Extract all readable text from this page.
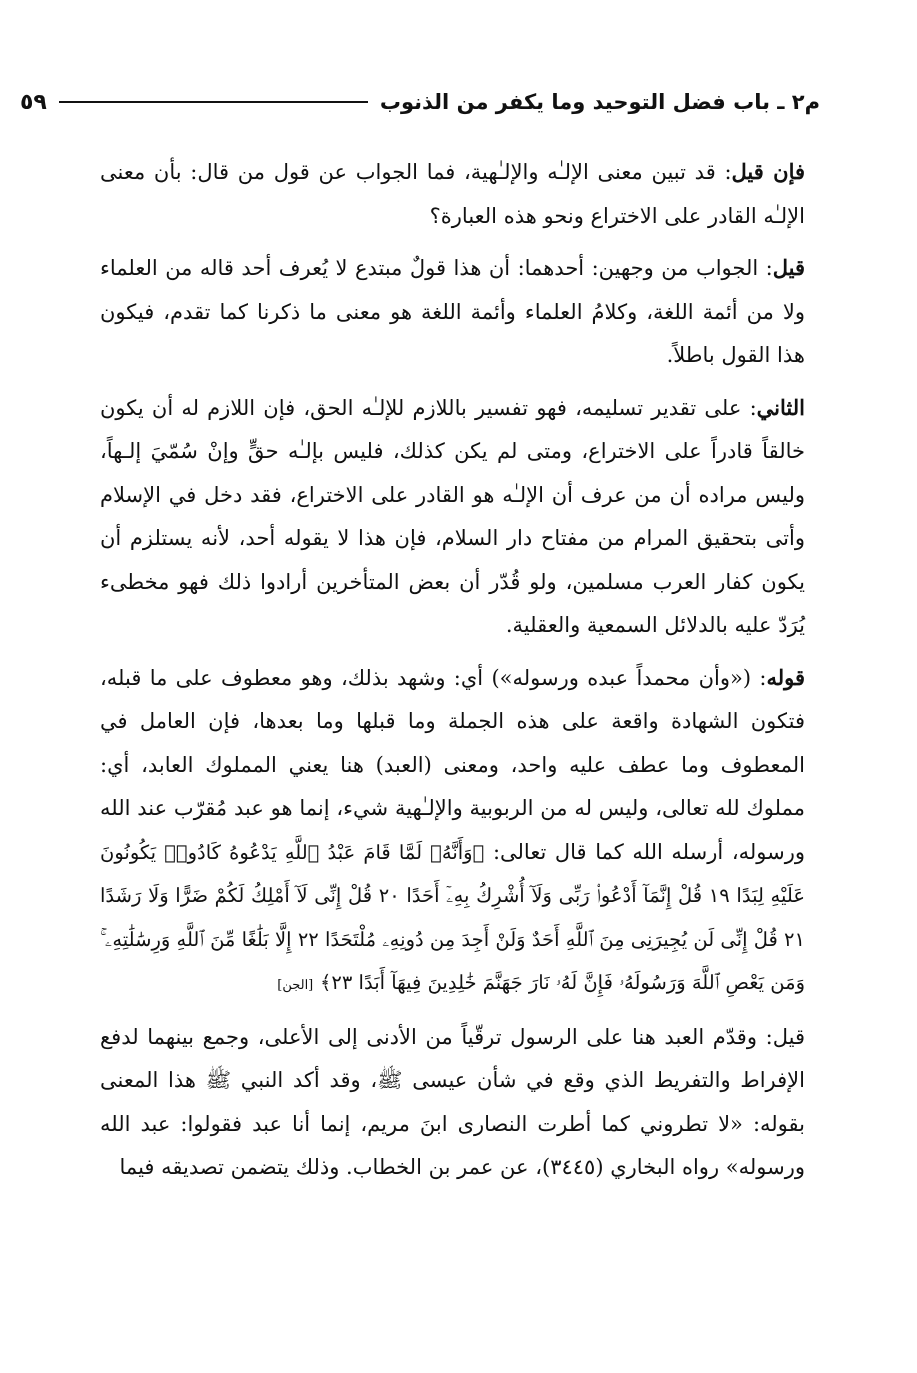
م٢ ـ باب فضل التوحيد وما يكفر من الذنوب
٥٩

فإن قيل: قد تبين معنى الإلـٰه والإلـٰهية، فما الجواب عن قول من قال: بأن معنى الإلـٰه القادر على الاختراع ونحو هذه العبارة؟

قيل: الجواب من وجهين: أحدهما: أن هذا قولٌ مبتدع لا يُعرف أحد قاله من العلماء ولا من أئمة اللغة، وكلامُ العلماء وأئمة اللغة هو معنى ما ذكرنا كما تقدم، فيكون هذا القول باطلاً.

الثاني: على تقدير تسليمه، فهو تفسير باللازم للإلـٰه الحق، فإن اللازم له أن يكون خالقاً قادراً على الاختراع، ومتى لم يكن كذلك، فليس بإلـٰه حقٍّ وإنْ سُمّيَ إلـهاً، وليس مراده أن من عرف أن الإلـٰه هو القادر على الاختراع، فقد دخل في الإسلام وأتى بتحقيق المرام من مفتاح دار السلام، فإن هذا لا يقوله أحد، لأنه يستلزم أن يكون كفار العرب مسلمين، ولو قُدّر أن بعض المتأخرين أرادوا ذلك فهو مخطىء يُرَدّ عليه بالدلائل السمعية والعقلية.

قوله: («وأن محمداً عبده ورسوله») أي: وشهد بذلك، وهو معطوف على ما قبله، فتكون الشهادة واقعة على هذه الجملة وما قبلها وما بعدها، فإن العامل في المعطوف وما عطف عليه واحد، ومعنى (العبد) هنا يعني المملوك العابد، أي: مملوك لله تعالى، وليس له من الربوبية والإلـٰهية شيء، إنما هو عبد مُقرّب عند الله ورسوله، أرسله الله كما قال تعالى: ﴿وَأَنَّهُۥ لَمَّا قَامَ عَبْدُ ٱللَّهِ يَدْعُوهُ كَادُوا۟ يَكُونُونَ عَلَيْهِ لِبَدًا ١٩ قُلْ إِنَّمَآ أَدْعُوا۟ رَبِّى وَلَآ أُشْرِكُ بِهِۦٓ أَحَدًا ٢٠ قُلْ إِنِّى لَآ أَمْلِكُ لَكُمْ ضَرًّا وَلَا رَشَدًا ٢١ قُلْ إِنِّى لَن يُجِيرَنِى مِنَ ٱللَّهِ أَحَدٌ وَلَنْ أَجِدَ مِن دُونِهِۦ مُلْتَحَدًا ٢٢ إِلَّا بَلَٰغًا مِّنَ ٱللَّهِ وَرِسَٰلَٰتِهِۦ ۚ وَمَن يَعْصِ ٱللَّهَ وَرَسُولَهُۥ فَإِنَّ لَهُۥ نَارَ جَهَنَّمَ خَٰلِدِينَ فِيهَآ أَبَدًا ٢٣﴾ [الجن]

قيل: وقدّم العبد هنا على الرسول ترقّياً من الأدنى إلى الأعلى، وجمع بينهما لدفع الإفراط والتفريط الذي وقع في شأن عيسى ﷺ، وقد أكد النبي ﷺ هذا المعنى بقوله: «لا تطروني كما أطرت النصارى ابنَ مريم، إنما أنا عبد فقولوا: عبد الله ورسوله» رواه البخاري (٣٤٤٥)، عن عمر بن الخطاب. وذلك يتضمن تصديقه فيما
